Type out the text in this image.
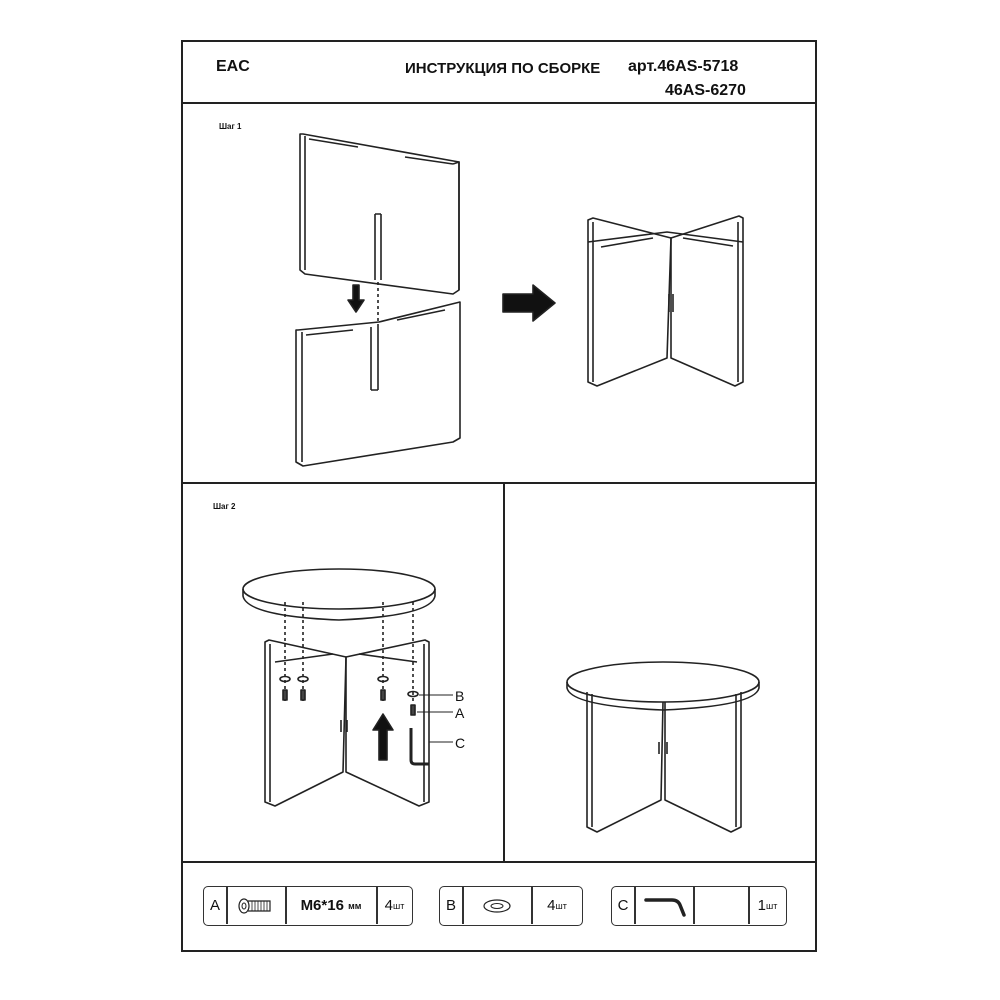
EAC	ИНСТРУКЦИЯ ПО СБОРКЕ арт.46AS-5718
46AS-6270
Шаг 1
Шаг 2
B
A
C
A	M6*16
мм 4 шт	B	4 шт	C	1 шт
